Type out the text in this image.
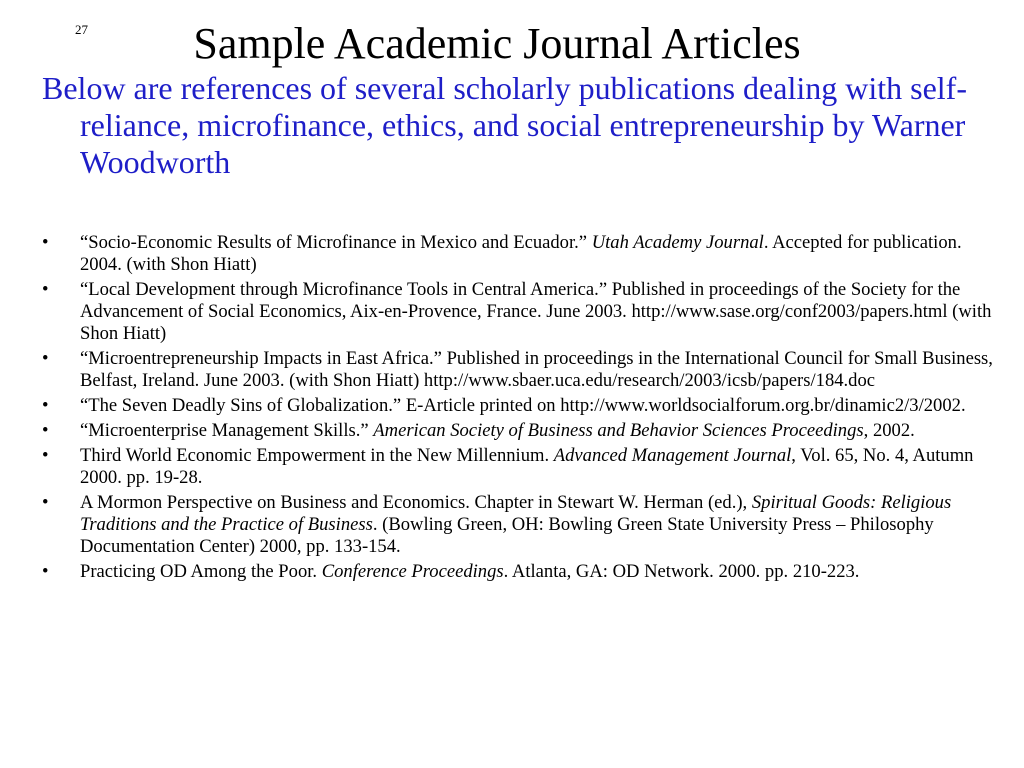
27	Sample Academic Journal Articles

Below are references of several scholarly publications dealing with self-reliance, microfinance, ethics, and social entrepreneurship by Warner Woodworth

• “Socio-Economic Results of Microfinance in Mexico and Ecuador.” Utah Academy Journal. Accepted for publication. 2004. (with Shon Hiatt)
• “Local Development through Microfinance Tools in Central America.” Published in proceedings of the Society for the Advancement of Social Economics, Aix-en-Provence, France. June 2003. http://www.sase.org/conf2003/papers.html (with Shon Hiatt)
• “Microentrepreneurship Impacts in East Africa.” Published in proceedings in the International Council for Small Business, Belfast, Ireland. June 2003. (with Shon Hiatt) http://www.sbaer.uca.edu/research/2003/icsb/papers/184.doc
• “The Seven Deadly Sins of Globalization.” E-Article printed on http://www.worldsocialforum.org.br/dinamic2/3/2002.
• “Microenterprise Management Skills.” American Society of Business and Behavior Sciences Proceedings, 2002.
• Third World Economic Empowerment in the New Millennium. Advanced Management Journal, Vol. 65, No. 4, Autumn 2000. pp. 19-28.
• A Mormon Perspective on Business and Economics. Chapter in Stewart W. Herman (ed.), Spiritual Goods: Religious Traditions and the Practice of Business. (Bowling Green, OH: Bowling Green State University Press – Philosophy Documentation Center) 2000, pp. 133-154.
• Practicing OD Among the Poor. Conference Proceedings. Atlanta, GA: OD Network. 2000. pp. 210-223.
